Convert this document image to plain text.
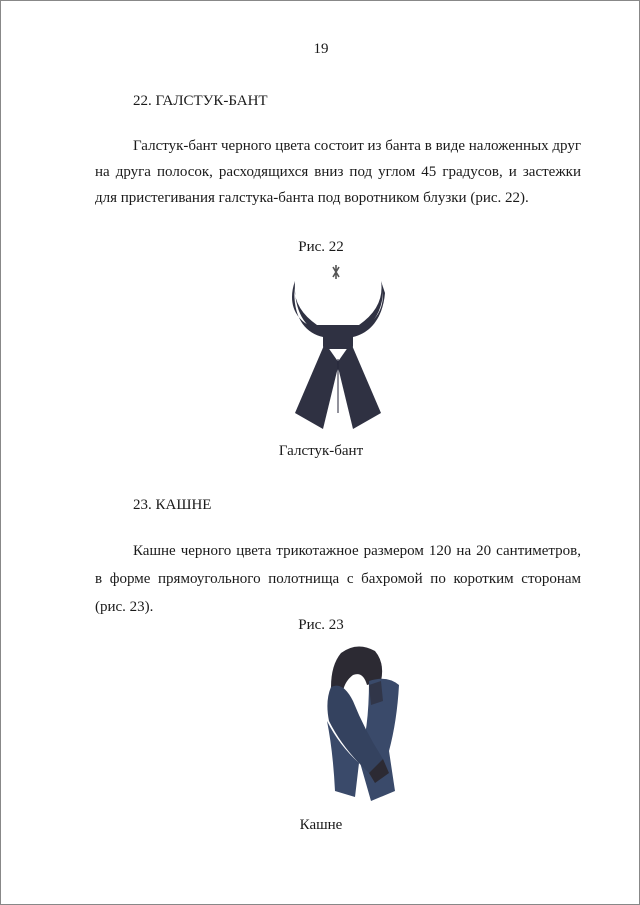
19
22. ГАЛСТУК-БАНТ

Галстук-бант черного цвета состоит из банта в виде наложенных друг на друга полосок, расходящихся вниз под углом 45 градусов, и застежки для пристегивания галстука-банта под воротником блузки (рис. 22).

Рис. 22
Галстук-бант
23. КАШНЕ

Кашне черного цвета трикотажное размером 120 на 20 сантиметров, в форме прямоугольного полотнища с бахромой по коротким сторонам (рис. 23).

Рис. 23
Кашне
